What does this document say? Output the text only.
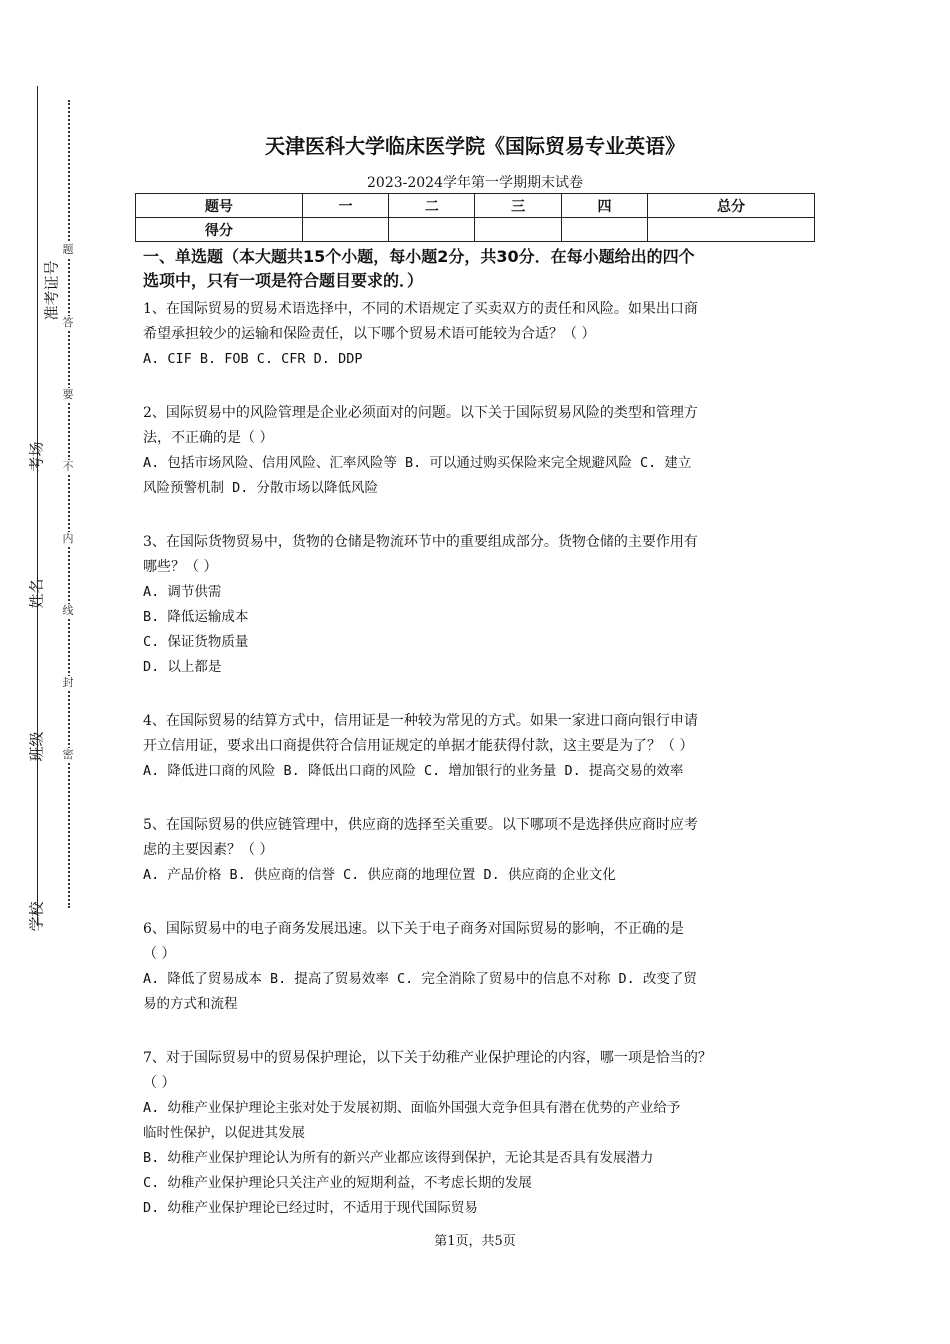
准考证号
考场
姓名
班级
学校
题
答
要
不
内
线
封
密
天津医科大学临床医学院《国际贸易专业英语》
2023-2024学年第一学期期末试卷
题号	一	二	三	四	总分
得分					
一、单选题（本大题共15个小题，每小题2分，共30分．在每小题给出的四个
选项中，只有一项是符合题目要求的．）

1、在国际贸易的贸易术语选择中，不同的术语规定了买卖双方的责任和风险。如果出口商

希望承担较少的运输和保险责任，以下哪个贸易术语可能较为合适？（ ）

A. CIF B. FOB C. CFR D. DDP

2、国际贸易中的风险管理是企业必须面对的问题。以下关于国际贸易风险的类型和管理方

法，不正确的是（ ）

A. 包括市场风险、信用风险、汇率风险等 B. 可以通过购买保险来完全规避风险 C. 建立

风险预警机制 D. 分散市场以降低风险

3、在国际货物贸易中，货物的仓储是物流环节中的重要组成部分。货物仓储的主要作用有

哪些？（ ）

A. 调节供需

B. 降低运输成本

C. 保证货物质量

D. 以上都是

4、在国际贸易的结算方式中，信用证是一种较为常见的方式。如果一家进口商向银行申请

开立信用证，要求出口商提供符合信用证规定的单据才能获得付款，这主要是为了？（ ）

A. 降低进口商的风险 B. 降低出口商的风险 C. 增加银行的业务量 D. 提高交易的效率

5、在国际贸易的供应链管理中，供应商的选择至关重要。以下哪项不是选择供应商时应考

虑的主要因素？（ ）

A. 产品价格 B. 供应商的信誉 C. 供应商的地理位置 D. 供应商的企业文化

6、国际贸易中的电子商务发展迅速。以下关于电子商务对国际贸易的影响，不正确的是

（ ）

A. 降低了贸易成本 B. 提高了贸易效率 C. 完全消除了贸易中的信息不对称 D. 改变了贸

易的方式和流程

7、对于国际贸易中的贸易保护理论，以下关于幼稚产业保护理论的内容，哪一项是恰当的？

（ ）

A. 幼稚产业保护理论主张对处于发展初期、面临外国强大竞争但具有潜在优势的产业给予

临时性保护，以促进其发展

B. 幼稚产业保护理论认为所有的新兴产业都应该得到保护，无论其是否具有发展潜力

C. 幼稚产业保护理论只关注产业的短期利益，不考虑长期的发展

D. 幼稚产业保护理论已经过时，不适用于现代国际贸易

第1页，共5页
